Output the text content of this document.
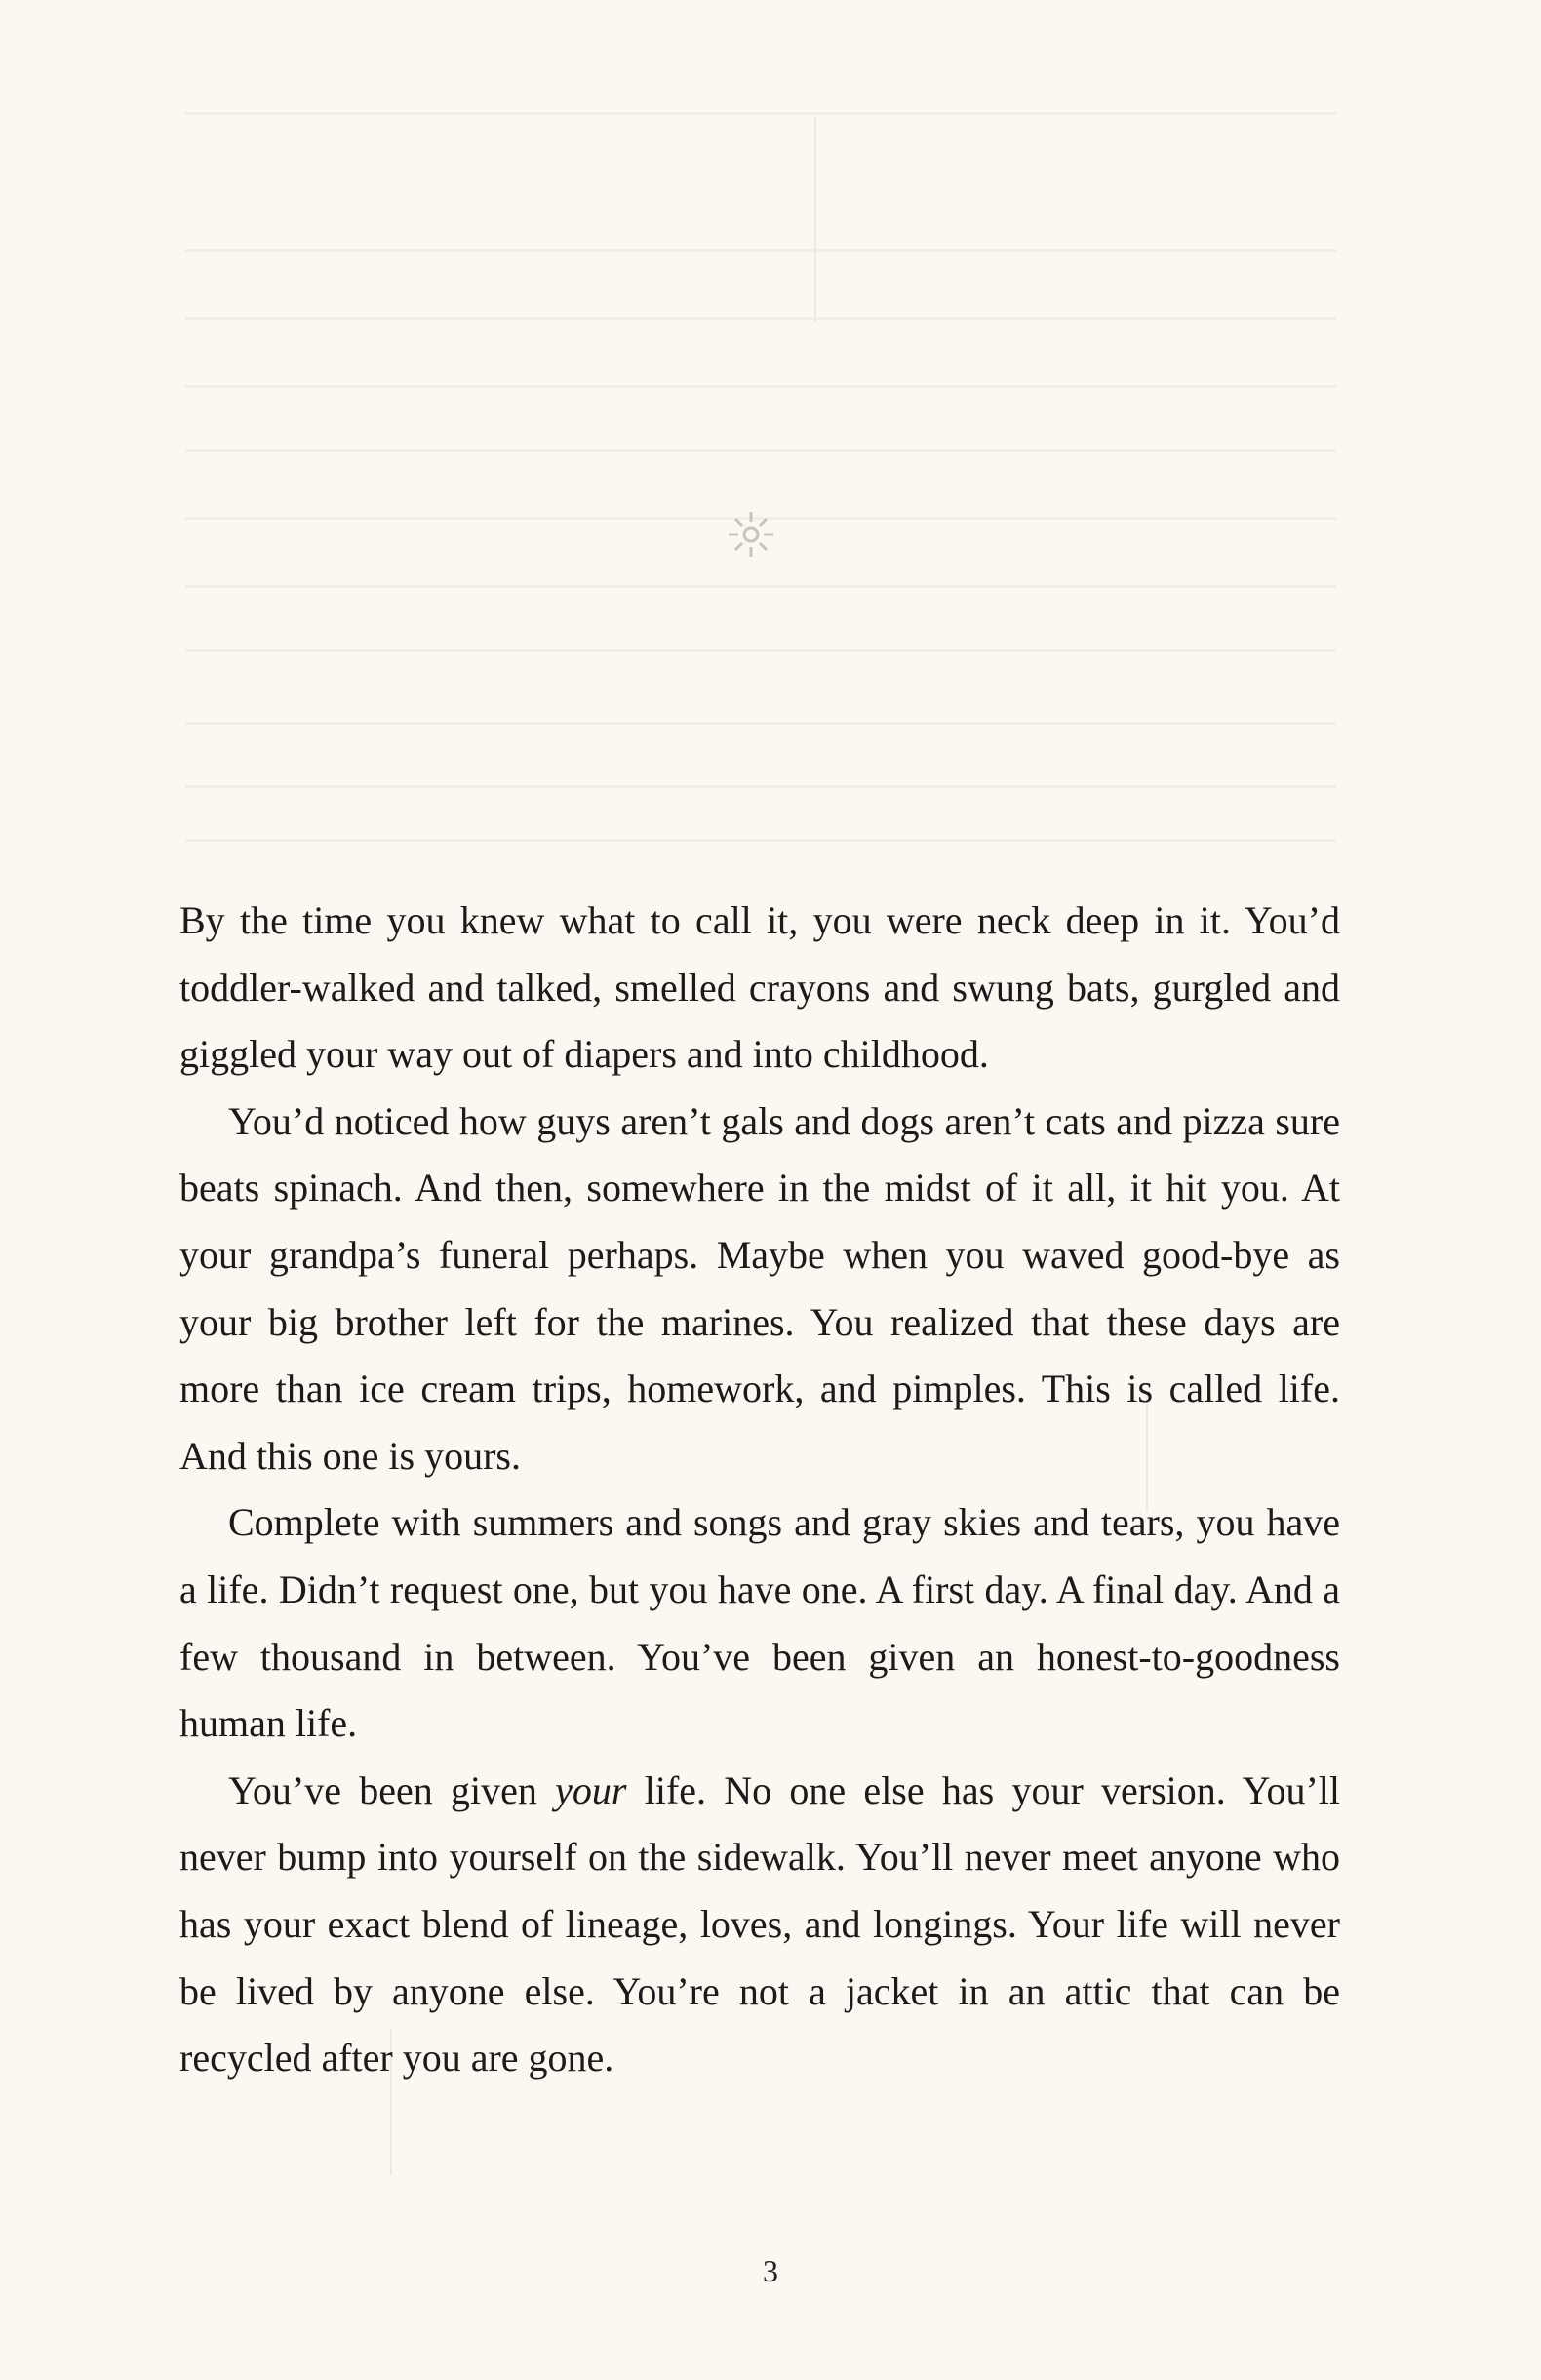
By the time you knew what to call it, you were neck deep in it. You’d toddler-walked and talked, smelled crayons and swung bats, gurgled and giggled your way out of diapers and into childhood.

You’d noticed how guys aren’t gals and dogs aren’t cats and pizza sure beats spinach. And then, somewhere in the midst of it all, it hit you. At your grandpa’s funeral perhaps. Maybe when you waved good-bye as your big brother left for the marines. You realized that these days are more than ice cream trips, homework, and pimples. This is called life. And this one is yours.

Complete with summers and songs and gray skies and tears, you have a life. Didn’t request one, but you have one. A first day. A final day. And a few thousand in between. You’ve been given an honest-to-goodness human life.

You’ve been given your life. No one else has your version. You’ll never bump into yourself on the sidewalk. You’ll never meet anyone who has your exact blend of lineage, loves, and longings. Your life will never be lived by anyone else. You’re not a jacket in an attic that can be recycled after you are gone.

3
